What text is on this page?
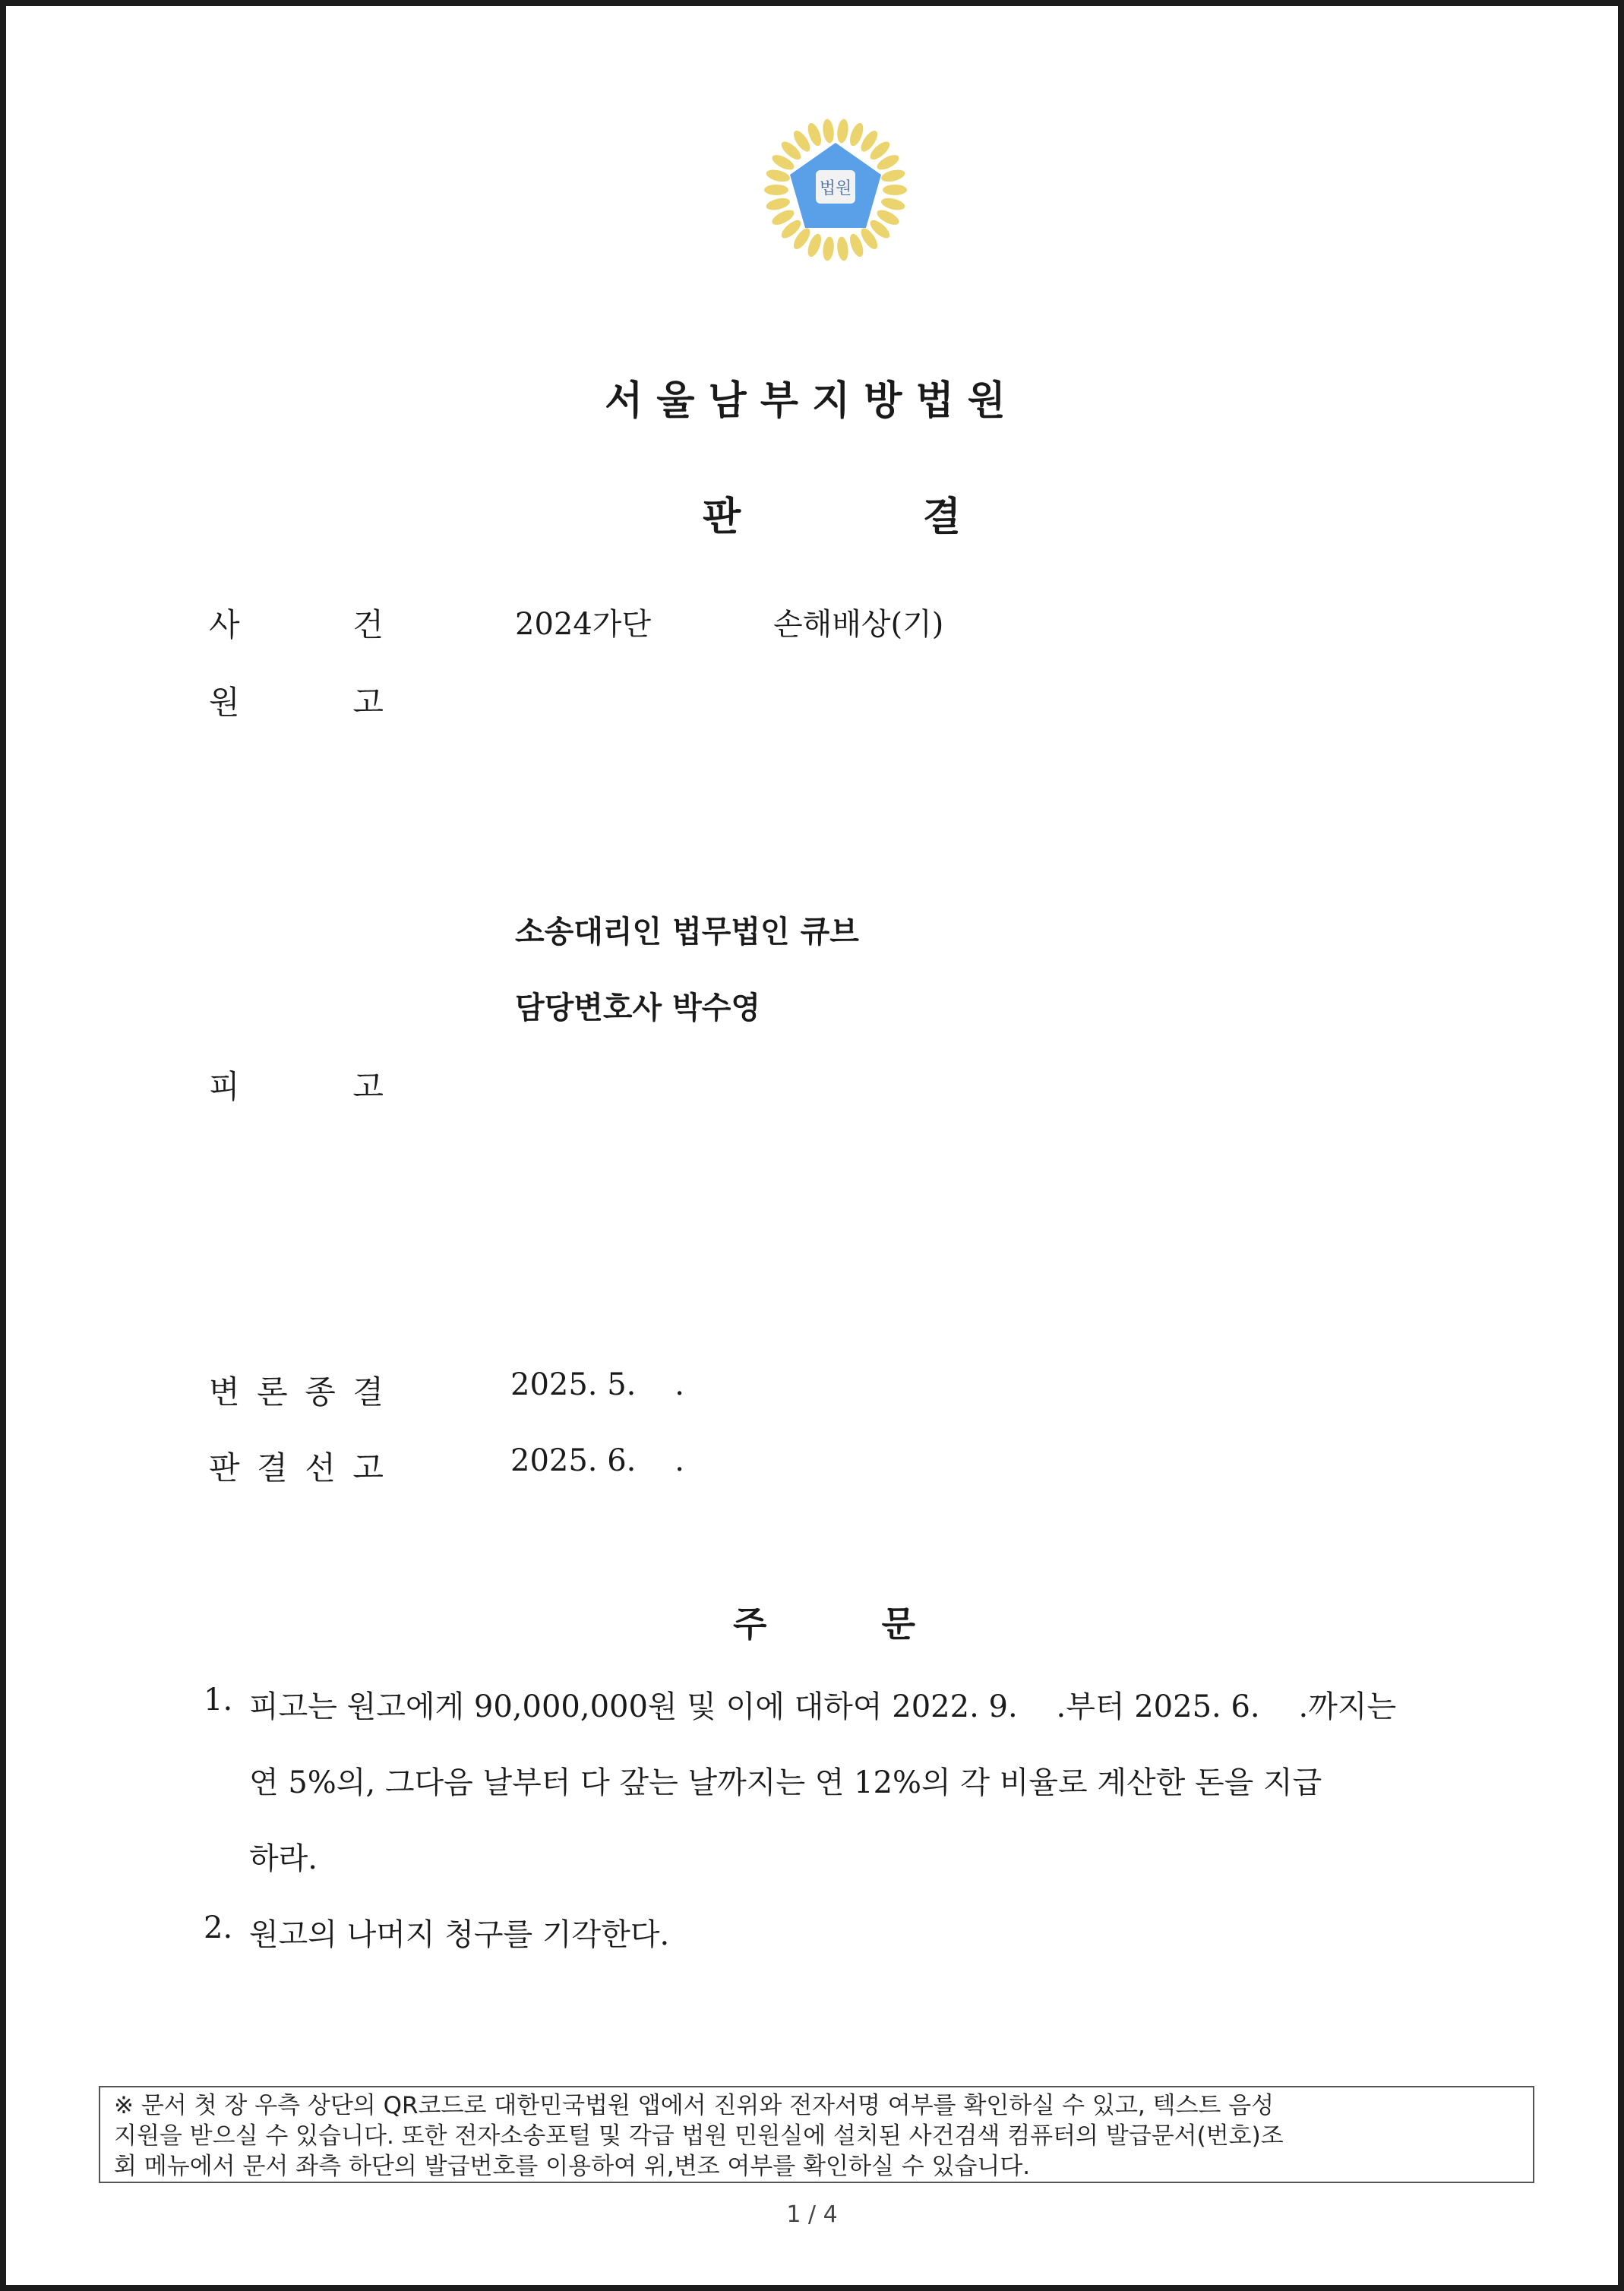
법원
서울남부지방법원
판	결
사	건	2024가단	손해배상(기)
원	고
소송대리인 법무법인 큐브
담당변호사 박수영
피	고
변 론 종 결	2025. 5.    .
판 결 선 고	2025. 6.    .
주	문
1. 피고는 원고에게 90,000,000원 및 이에 대하여 2022. 9.    .부터 2025. 6.    .까지는
연 5%의, 그다음 날부터 다 갚는 날까지는 연 12%의 각 비율로 계산한 돈을 지급
하라.
2. 원고의 나머지 청구를 기각한다.
※ 문서 첫 장 우측 상단의 QR코드로 대한민국법원 앱에서 진위와 전자서명 여부를 확인하실 수 있고, 텍스트 음성
지원을 받으실 수 있습니다. 또한 전자소송포털 및 각급 법원 민원실에 설치된 사건검색 컴퓨터의 발급문서(번호)조
회 메뉴에서 문서 좌측 하단의 발급번호를 이용하여 위,변조 여부를 확인하실 수 있습니다.
1 / 4
